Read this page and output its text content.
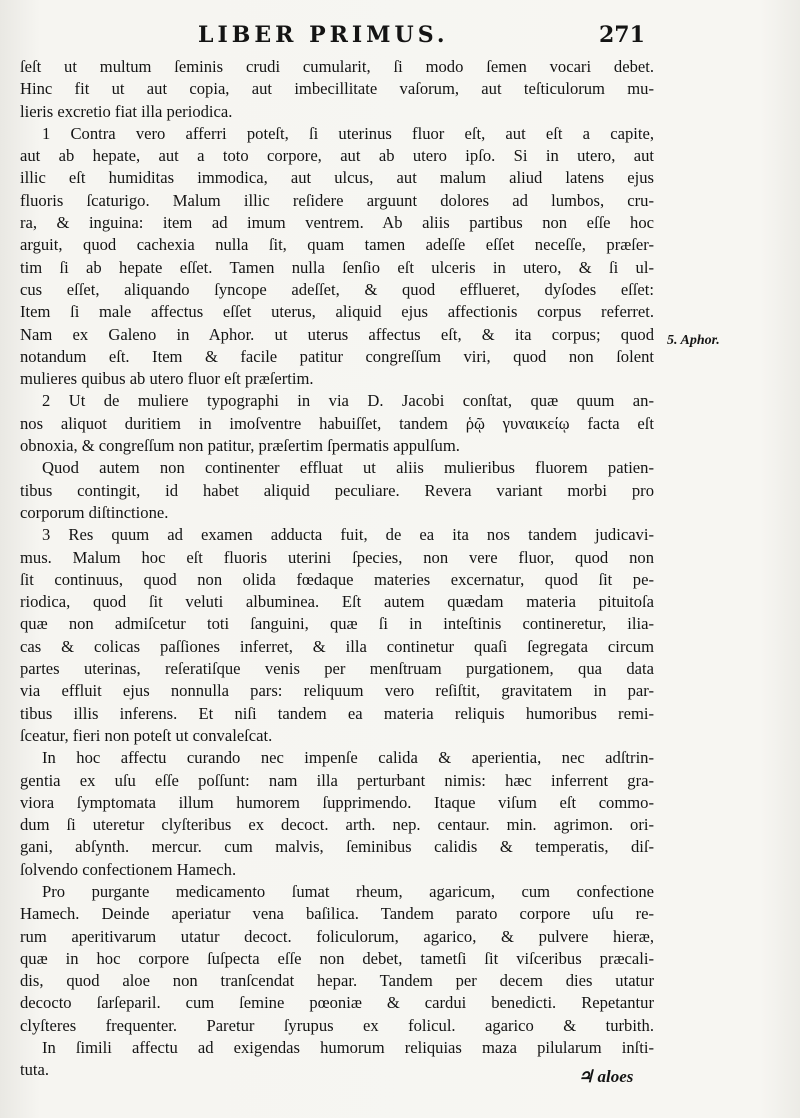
LIBER PRIMUS.	271
ſeſt ut multum ſeminis crudi cumularit, ſi modo ſemen vocari debet.
Hinc fit ut aut copia, aut imbecillitate vaſorum, aut teſticulorum mu-
lieris excretio fiat illa periodica.
1 Contra vero afferri poteſt, ſi uterinus fluor eſt, aut eſt a capite,
aut ab hepate, aut a toto corpore, aut ab utero ipſo. Si in utero, aut
illic eſt humiditas immodica, aut ulcus, aut malum aliud latens ejus
fluoris ſcaturigo. Malum illic reſidere arguunt dolores ad lumbos, cru-
ra, & inguina: item ad imum ventrem. Ab aliis partibus non eſſe hoc
arguit, quod cachexia nulla ſit, quam tamen adeſſe eſſet neceſſe, præſer-
tim ſi ab hepate eſſet. Tamen nulla ſenſio eſt ulceris in utero, & ſi ul-
cus eſſet, aliquando ſyncope adeſſet, & quod efflueret, dyſodes eſſet:
Item ſi male affectus eſſet uterus, aliquid ejus affectionis corpus referret.
Nam ex Galeno in Aphor. ut uterus affectus eſt, & ita corpus; quod
notandum eſt. Item & facile patitur congreſſum viri, quod non ſolent
mulieres quibus ab utero fluor eſt præſertim.
2 Ut de muliere typographi in via D. Jacobi conſtat, quæ quum an-
nos aliquot duritiem in imoſventre habuiſſet, tandem ῥῷ γυναικείῳ facta eſt
obnoxia, & congreſſum non patitur, præſertim ſpermatis appulſum.
Quod autem non continenter effluat ut aliis mulieribus fluorem patien-
tibus contingit, id habet aliquid peculiare. Revera variant morbi pro
corporum diſtinctione.
3 Res quum ad examen adducta fuit, de ea ita nos tandem judicavi-
mus. Malum hoc eſt fluoris uterini ſpecies, non vere fluor, quod non
ſit continuus, quod non olida fœdaque materies excernatur, quod ſit pe-
riodica, quod ſit veluti albuminea. Eſt autem quædam materia pituitoſa
quæ non admiſcetur toti ſanguini, quæ ſi in inteſtinis contineretur, ilia-
cas & colicas paſſiones inferret, & illa continetur quaſi ſegregata circum
partes uterinas, reſeratiſque venis per menſtruam purgationem, qua data
via effluit ejus nonnulla pars: reliquum vero reſiſtit, gravitatem in par-
tibus illis inferens. Et niſi tandem ea materia reliquis humoribus remi-
ſceatur, fieri non poteſt ut convaleſcat.
In hoc affectu curando nec impenſe calida & aperientia, nec adſtrin-
gentia ex uſu eſſe poſſunt: nam illa perturbant nimis: hæc inferrent gra-
viora ſymptomata illum humorem ſupprimendo. Itaque viſum eſt commo-
dum ſi uteretur clyſteribus ex decoct. arth. nep. centaur. min. agrimon. ori-
gani, abſynth. mercur. cum malvis, ſeminibus calidis & temperatis, diſ-
ſolvendo confectionem Hamech.
Pro purgante medicamento ſumat rheum, agaricum, cum confectione
Hamech. Deinde aperiatur vena baſilica. Tandem parato corpore uſu re-
rum aperitivarum utatur decoct. foliculorum, agarico, & pulvere hieræ,
quæ in hoc corpore ſuſpecta eſſe non debet, tametſi ſit viſceribus præcali-
dis, quod aloe non tranſcendat hepar. Tandem per decem dies utatur
decocto ſarſeparil. cum ſemine pœoniæ & cardui benedicti. Repetantur
clyſteres frequenter. Paretur ſyrupus ex folicul. agarico & turbith.
In ſimili affectu ad exigendas humorum reliquias maza pilularum inſti-
tuta.
5. Aphor.
♃ aloes
